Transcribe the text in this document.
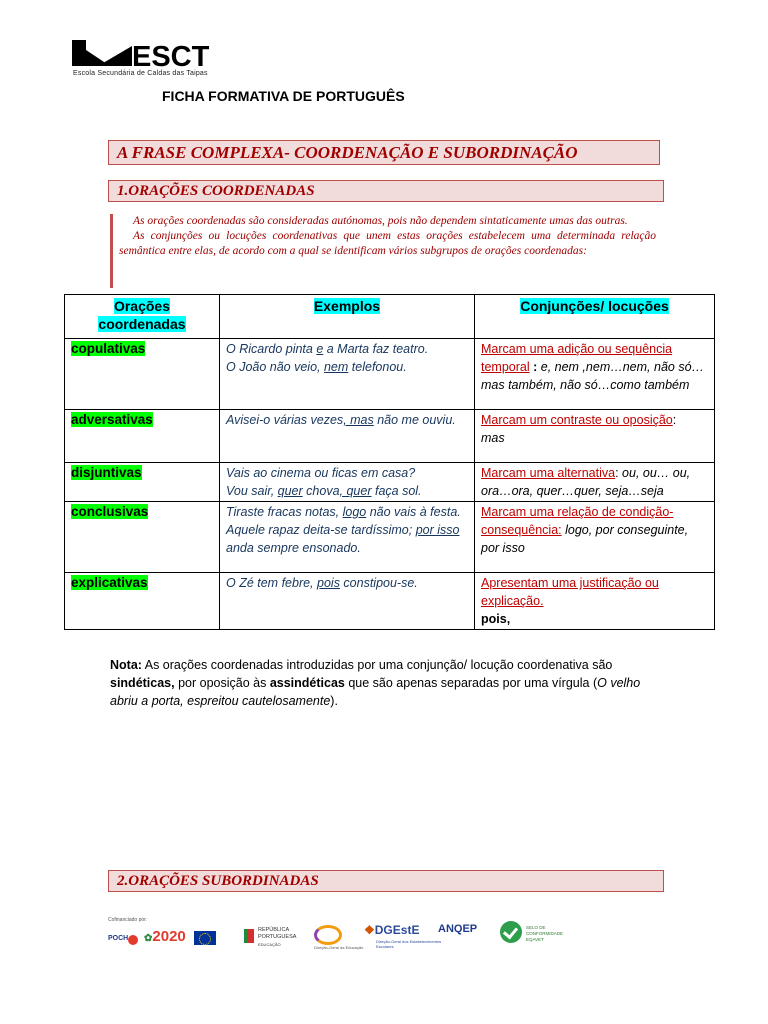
ESCT
Escola Secundária de Caldas das Taipas
FICHA FORMATIVA DE PORTUGUÊS
A FRASE COMPLEXA- COORDENAÇÃO E SUBORDINAÇÃO
1.ORAÇÕES COORDENADAS

As orações coordenadas são consideradas autónomas, pois não dependem sintaticamente umas das outras.

As conjunções ou locuções coordenativas que unem estas orações estabelecem uma determinada relação semântica entre elas, de acordo com a qual se identificam vários subgrupos de orações coordenadas:

Orações coordenadas	Exemplos	Conjunções/ locuções
copulativas	O Ricardo pinta e a Marta faz teatro.
O João não veio, nem telefonou.	Marcam uma adição ou sequência temporal : e, nem ,nem…nem, não só…mas também, não só…como também
adversativas	Avisei-o várias vezes, mas não me ouviu.	Marcam um contraste ou oposição:
mas
disjuntivas	Vais ao cinema ou ficas em casa?
Vou sair, quer chova, quer faça sol.	Marcam uma alternativa: ou, ou… ou, ora…ora, quer…quer, seja…seja
conclusivas	Tiraste fracas notas, logo não vais à festa.
Aquele rapaz deita-se tardíssimo; por isso anda sempre ensonado.	Marcam uma relação de condição-consequência: logo, por conseguinte, por isso
explicativas	O Zé tem febre, pois constipou-se.	Apresentam uma justificação ou explicação.
pois,

Nota: As orações coordenadas introduzidas por uma conjunção/ locução coordenativa são sindéticas, por oposição às assindéticas que são apenas separadas por uma vírgula (O velho abriu a porta, espreitou cautelosamente).

2.ORAÇÕES SUBORDINADAS
Cofinanciado por:
POCH ✿2020	REPÚBLICA PORTUGUESA
EDUCAÇÃO
Direção-Geral da Educação
❖DGEstE
Direção-Geral dos Estabelecimentos Escolares
ANQEP	SELO DE CONFORMIDADE EQAVET
